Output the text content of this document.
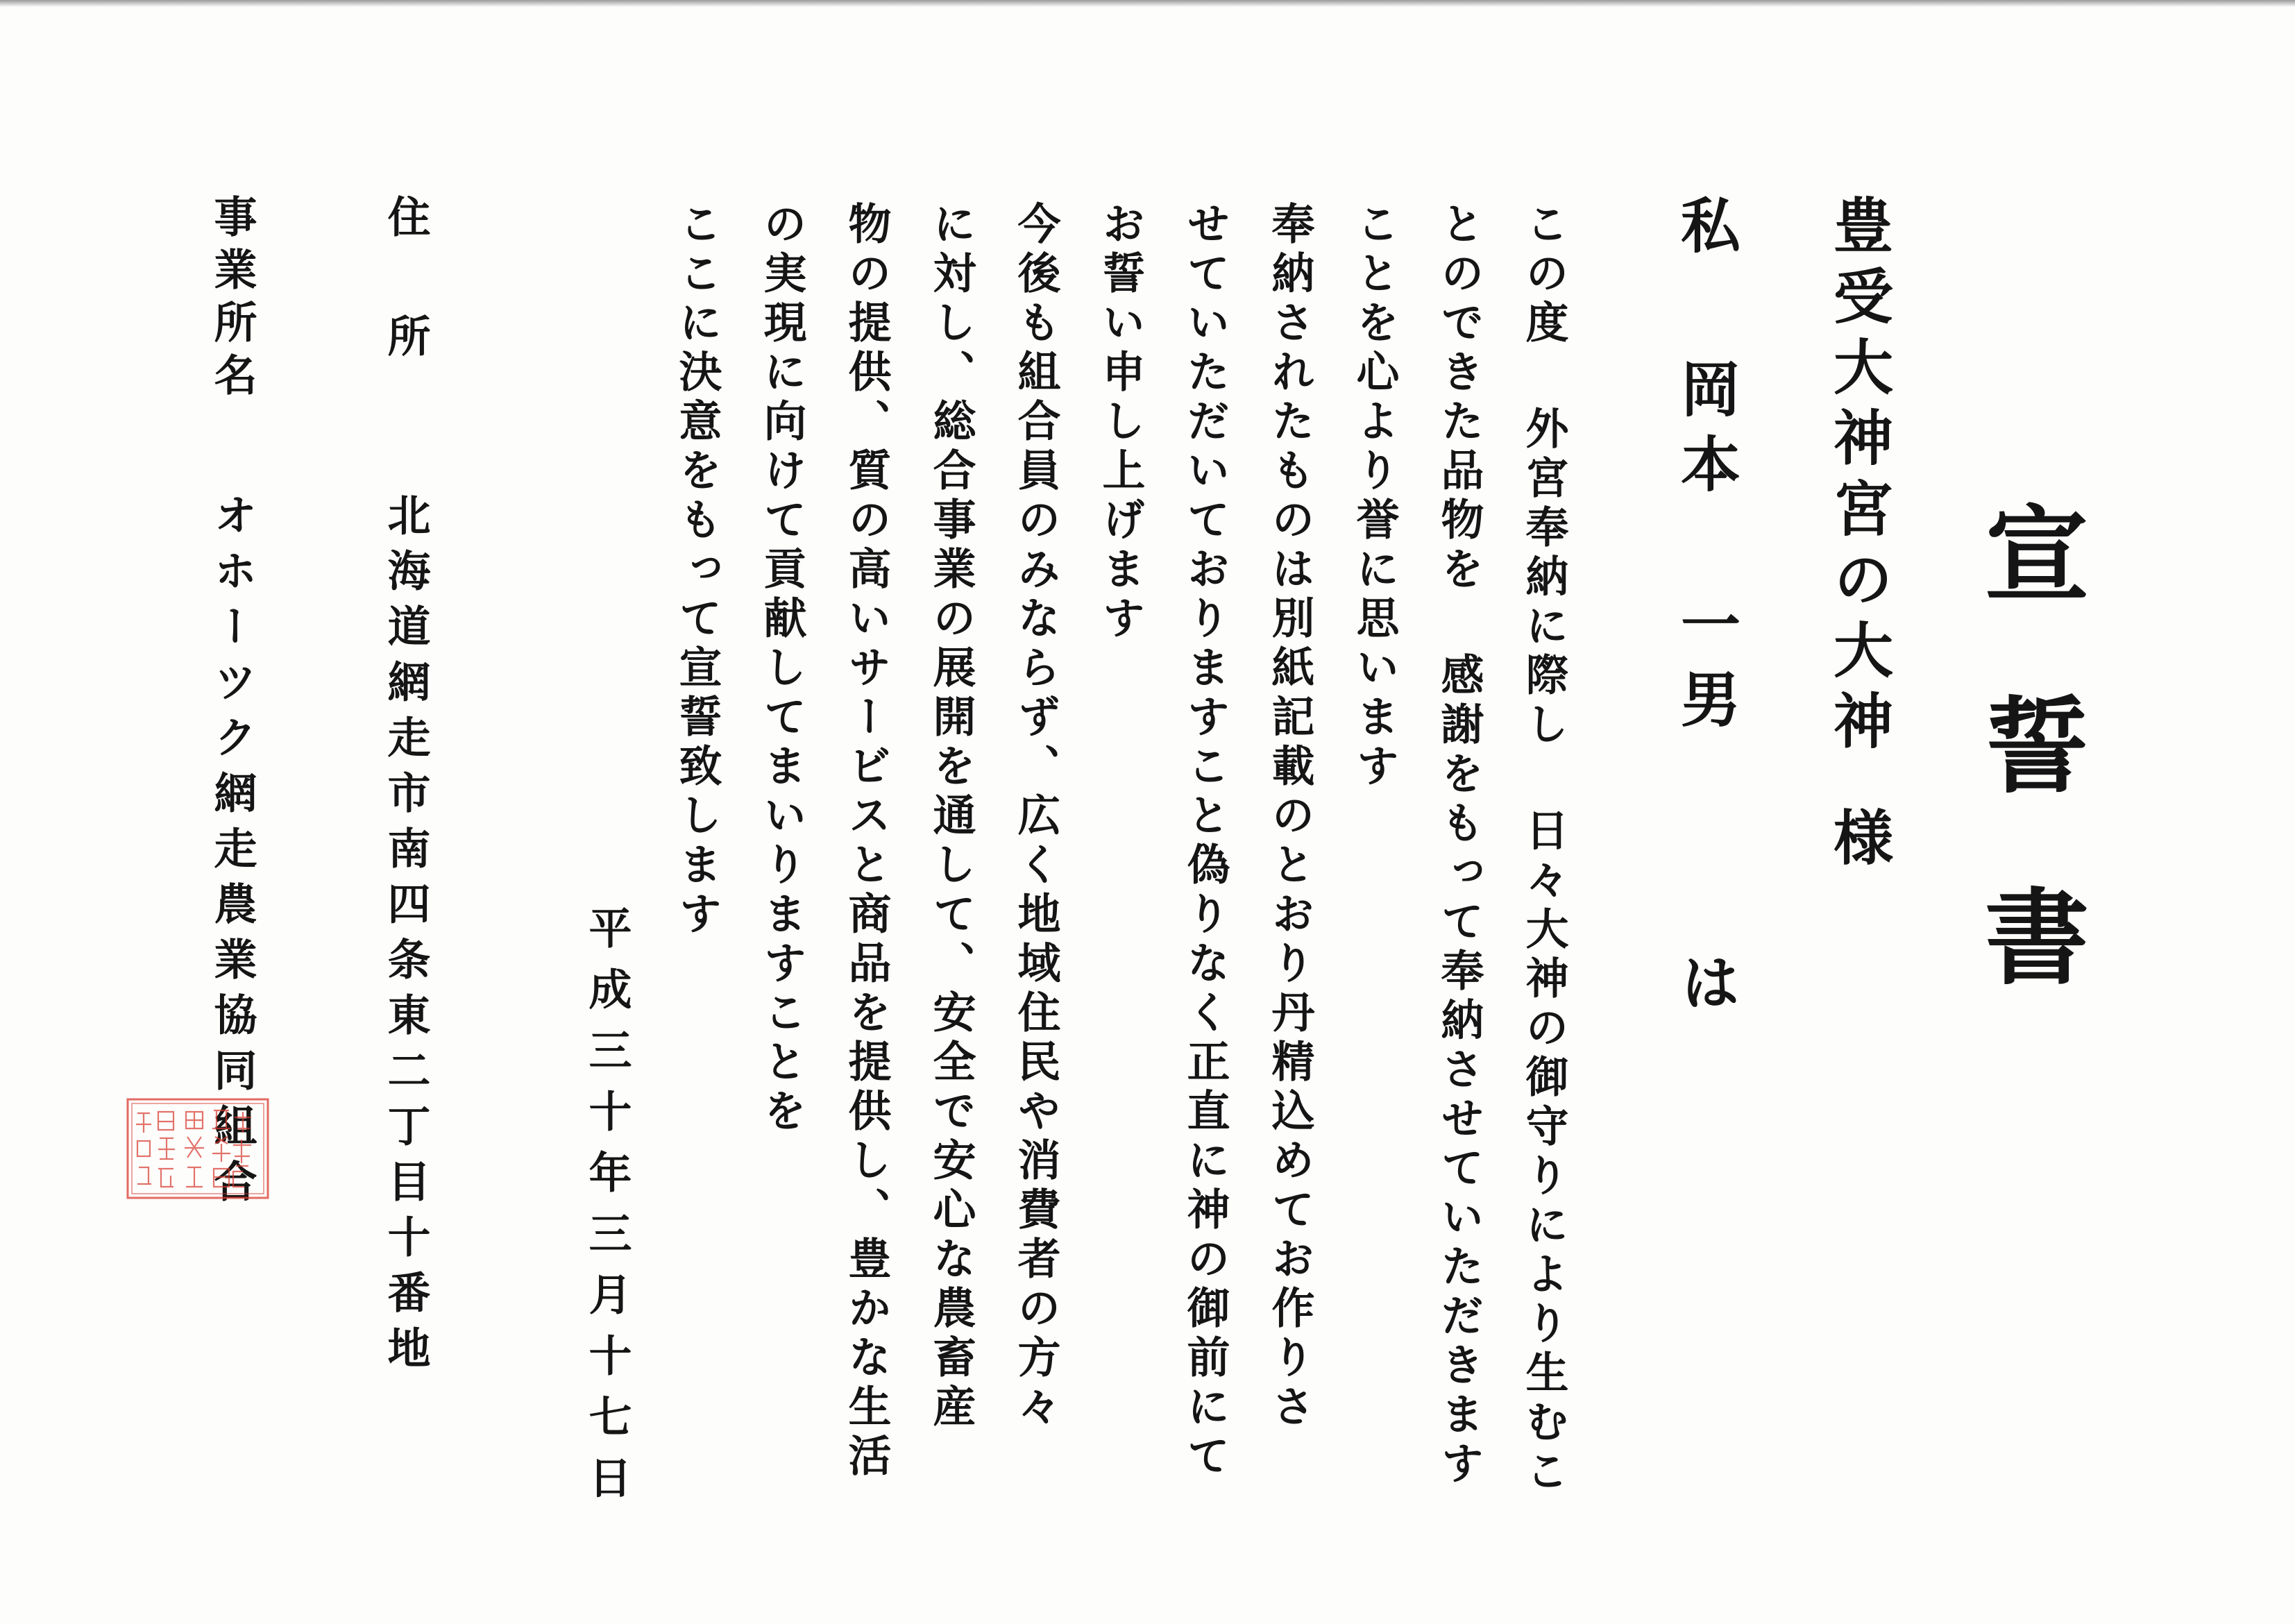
宣誓書
豊受大神宮の大神様
私岡本 一男は
この度 外宮奉納に際し 日々大神の御守りにより生むこ
とのできた品物を 感謝をもって奉納させていただきます
ことを心より誉に思います
奉納されたものは別紙記載のとおり丹精込めてお作りさ
せていただいておりますこと偽りなく正直に神の御前にて
お誓い申し上げます
今後も組合員のみならず、広く地域住民や消費者の方々
に対し、総合事業の展開を通して、安全で安心な農畜産
物の提供、質の高いサービスと商品を提供し、豊かな生活
の実現に向けて貢献してまいりますことを
ここに決意をもって宣誓致します
平成三十年三月十七日
住所
北海道網走市南四条東二丁目十番地
事業所名
オホーツク網走農業協同組合
